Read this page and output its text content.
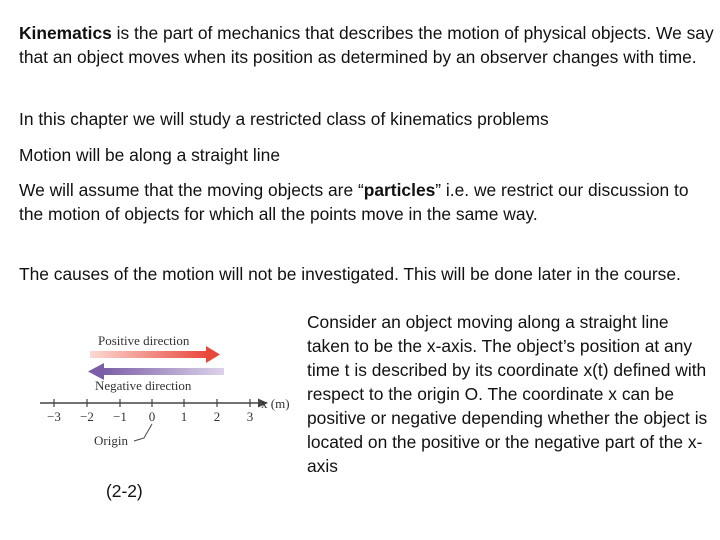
Kinematics is the part of mechanics that describes the motion of physical objects. We say that an object moves when its position as determined by an observer changes with time.

In this chapter we will study a restricted class of kinematics problems

Motion will be along a straight line

We will assume that the moving objects are “particles” i.e. we restrict our discussion to the motion of objects for which all the points move in the same way.

The causes of the motion will not be investigated. This will be done later in the course.

Consider an object moving along a straight line taken to be the x-axis. The object’s position at any time t is described by its coordinate x(t) defined with respect to the origin O. The coordinate x can be positive or negative depending whether the object is located on the positive or the negative part of the x-axis

Positive direction
Negative direction
−3 −2 −1 0 1 2 3
x (m)
Origin
(2-2)
